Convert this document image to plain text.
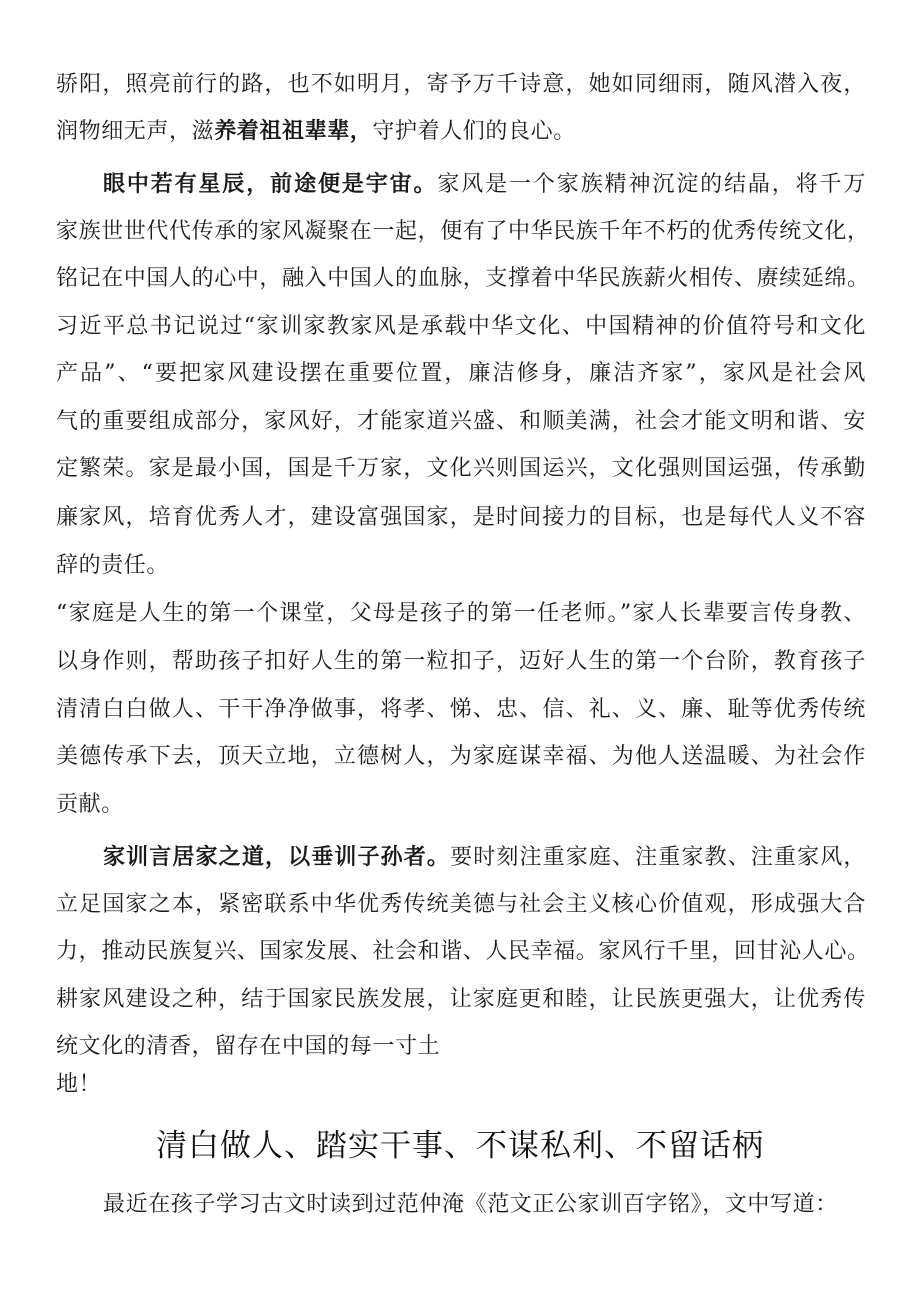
骄阳，照亮前行的路，也不如明月，寄予万千诗意，她如同细雨，随风潜入夜，
润物细无声，滋养着祖祖辈辈，守护着人们的良心。
眼中若有星辰，前途便是宇宙。家风是一个家族精神沉淀的结晶，将千万
家族世世代代传承的家风凝聚在一起，便有了中华民族千年不朽的优秀传统文化，
铭记在中国人的心中，融入中国人的血脉，支撑着中华民族薪火相传、赓续延绵。
习近平总书记说过“家训家教家风是承载中华文化、中国精神的价值符号和文化
产品”、“要把家风建设摆在重要位置，廉洁修身，廉洁齐家”，家风是社会风
气的重要组成部分，家风好，才能家道兴盛、和顺美满，社会才能文明和谐、安
定繁荣。家是最小国，国是千万家，文化兴则国运兴，文化强则国运强，传承勤
廉家风，培育优秀人才，建设富强国家，是时间接力的目标，也是每代人义不容
辞的责任。
“家庭是人生的第一个课堂，父母是孩子的第一任老师。”家人长辈要言传身教、
以身作则，帮助孩子扣好人生的第一粒扣子，迈好人生的第一个台阶，教育孩子
清清白白做人、干干净净做事，将孝、悌、忠、信、礼、义、廉、耻等优秀传统
美德传承下去，顶天立地，立德树人，为家庭谋幸福、为他人送温暖、为社会作
贡献。
家训言居家之道，以垂训子孙者。要时刻注重家庭、注重家教、注重家风，
立足国家之本，紧密联系中华优秀传统美德与社会主义核心价值观，形成强大合
力，推动民族复兴、国家发展、社会和谐、人民幸福。家风行千里，回甘沁人心。
耕家风建设之种，结于国家民族发展，让家庭更和睦，让民族更强大，让优秀传
统文化的清香，留存在中国的每一寸土
地！
清白做人、踏实干事、不谋私利、不留话柄
最近在孩子学习古文时读到过范仲淹《范文正公家训百字铭》，文中写道：
